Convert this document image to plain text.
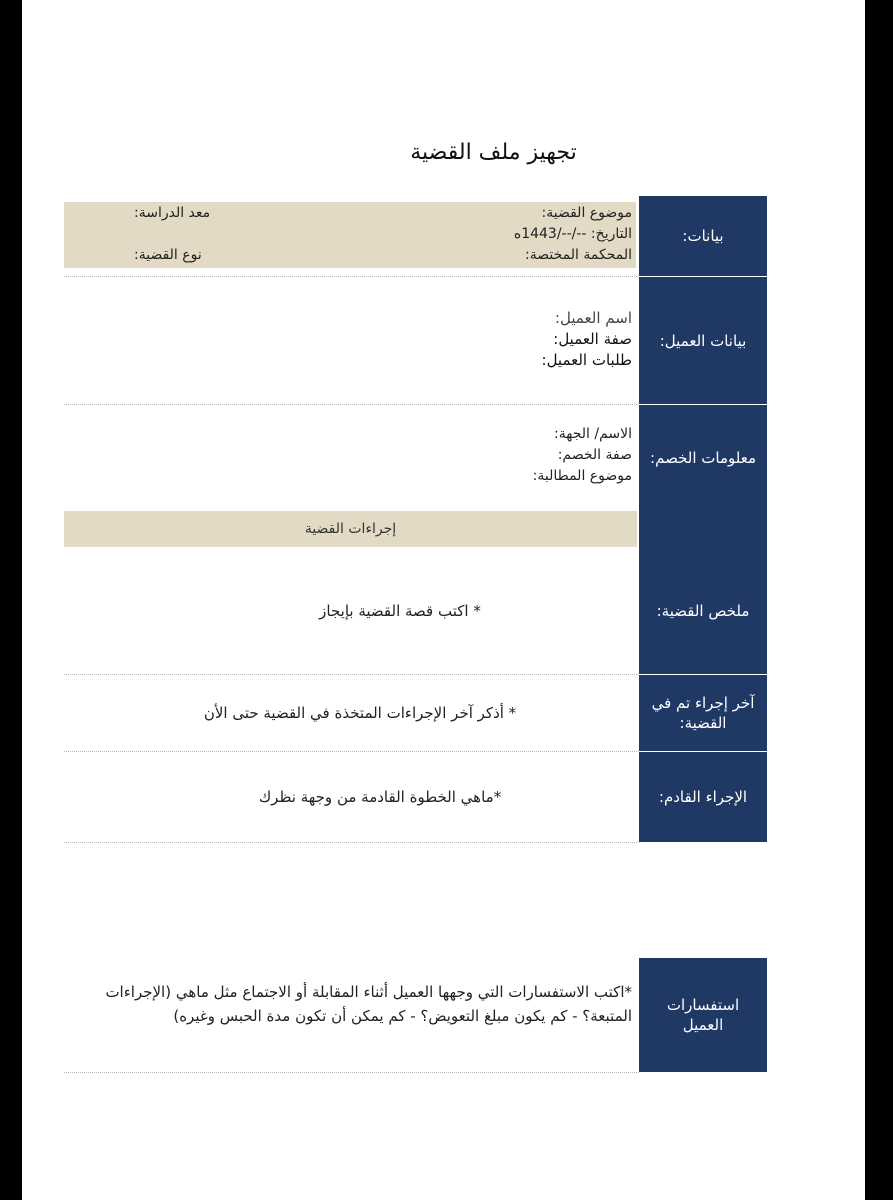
تجهيز ملف القضية
بيانات:
موضوع القضية:
معد الدراسة:
التاريخ: --/--/1443ه
المحكمة المختصة:
نوع القضية:
بيانات العميل:
اسم العميل:
صفة العميل:
طلبات العميل:
معلومات الخصم:
الاسم/ الجهة:
صفة الخصم:
موضوع المطالبة:
إجراءات القضية
ملخص القضية:
* اكتب قصة القضية بإيجاز
آخر إجراء تم في القضية:
* أذكر آخر الإجراءات المتخذة في القضية حتى الأن
الإجراء القادم:
*ماهي الخطوة القادمة من وجهة نظرك
استفسارات العميل
*اكتب الاستفسارات التي وجهها العميل أثناء المقابلة أو الاجتماع مثل ماهي (الإجراءات المتبعة؟ - كم يكون مبلغ التعويض؟ - كم يمكن أن تكون مدة الحبس وغيره)
